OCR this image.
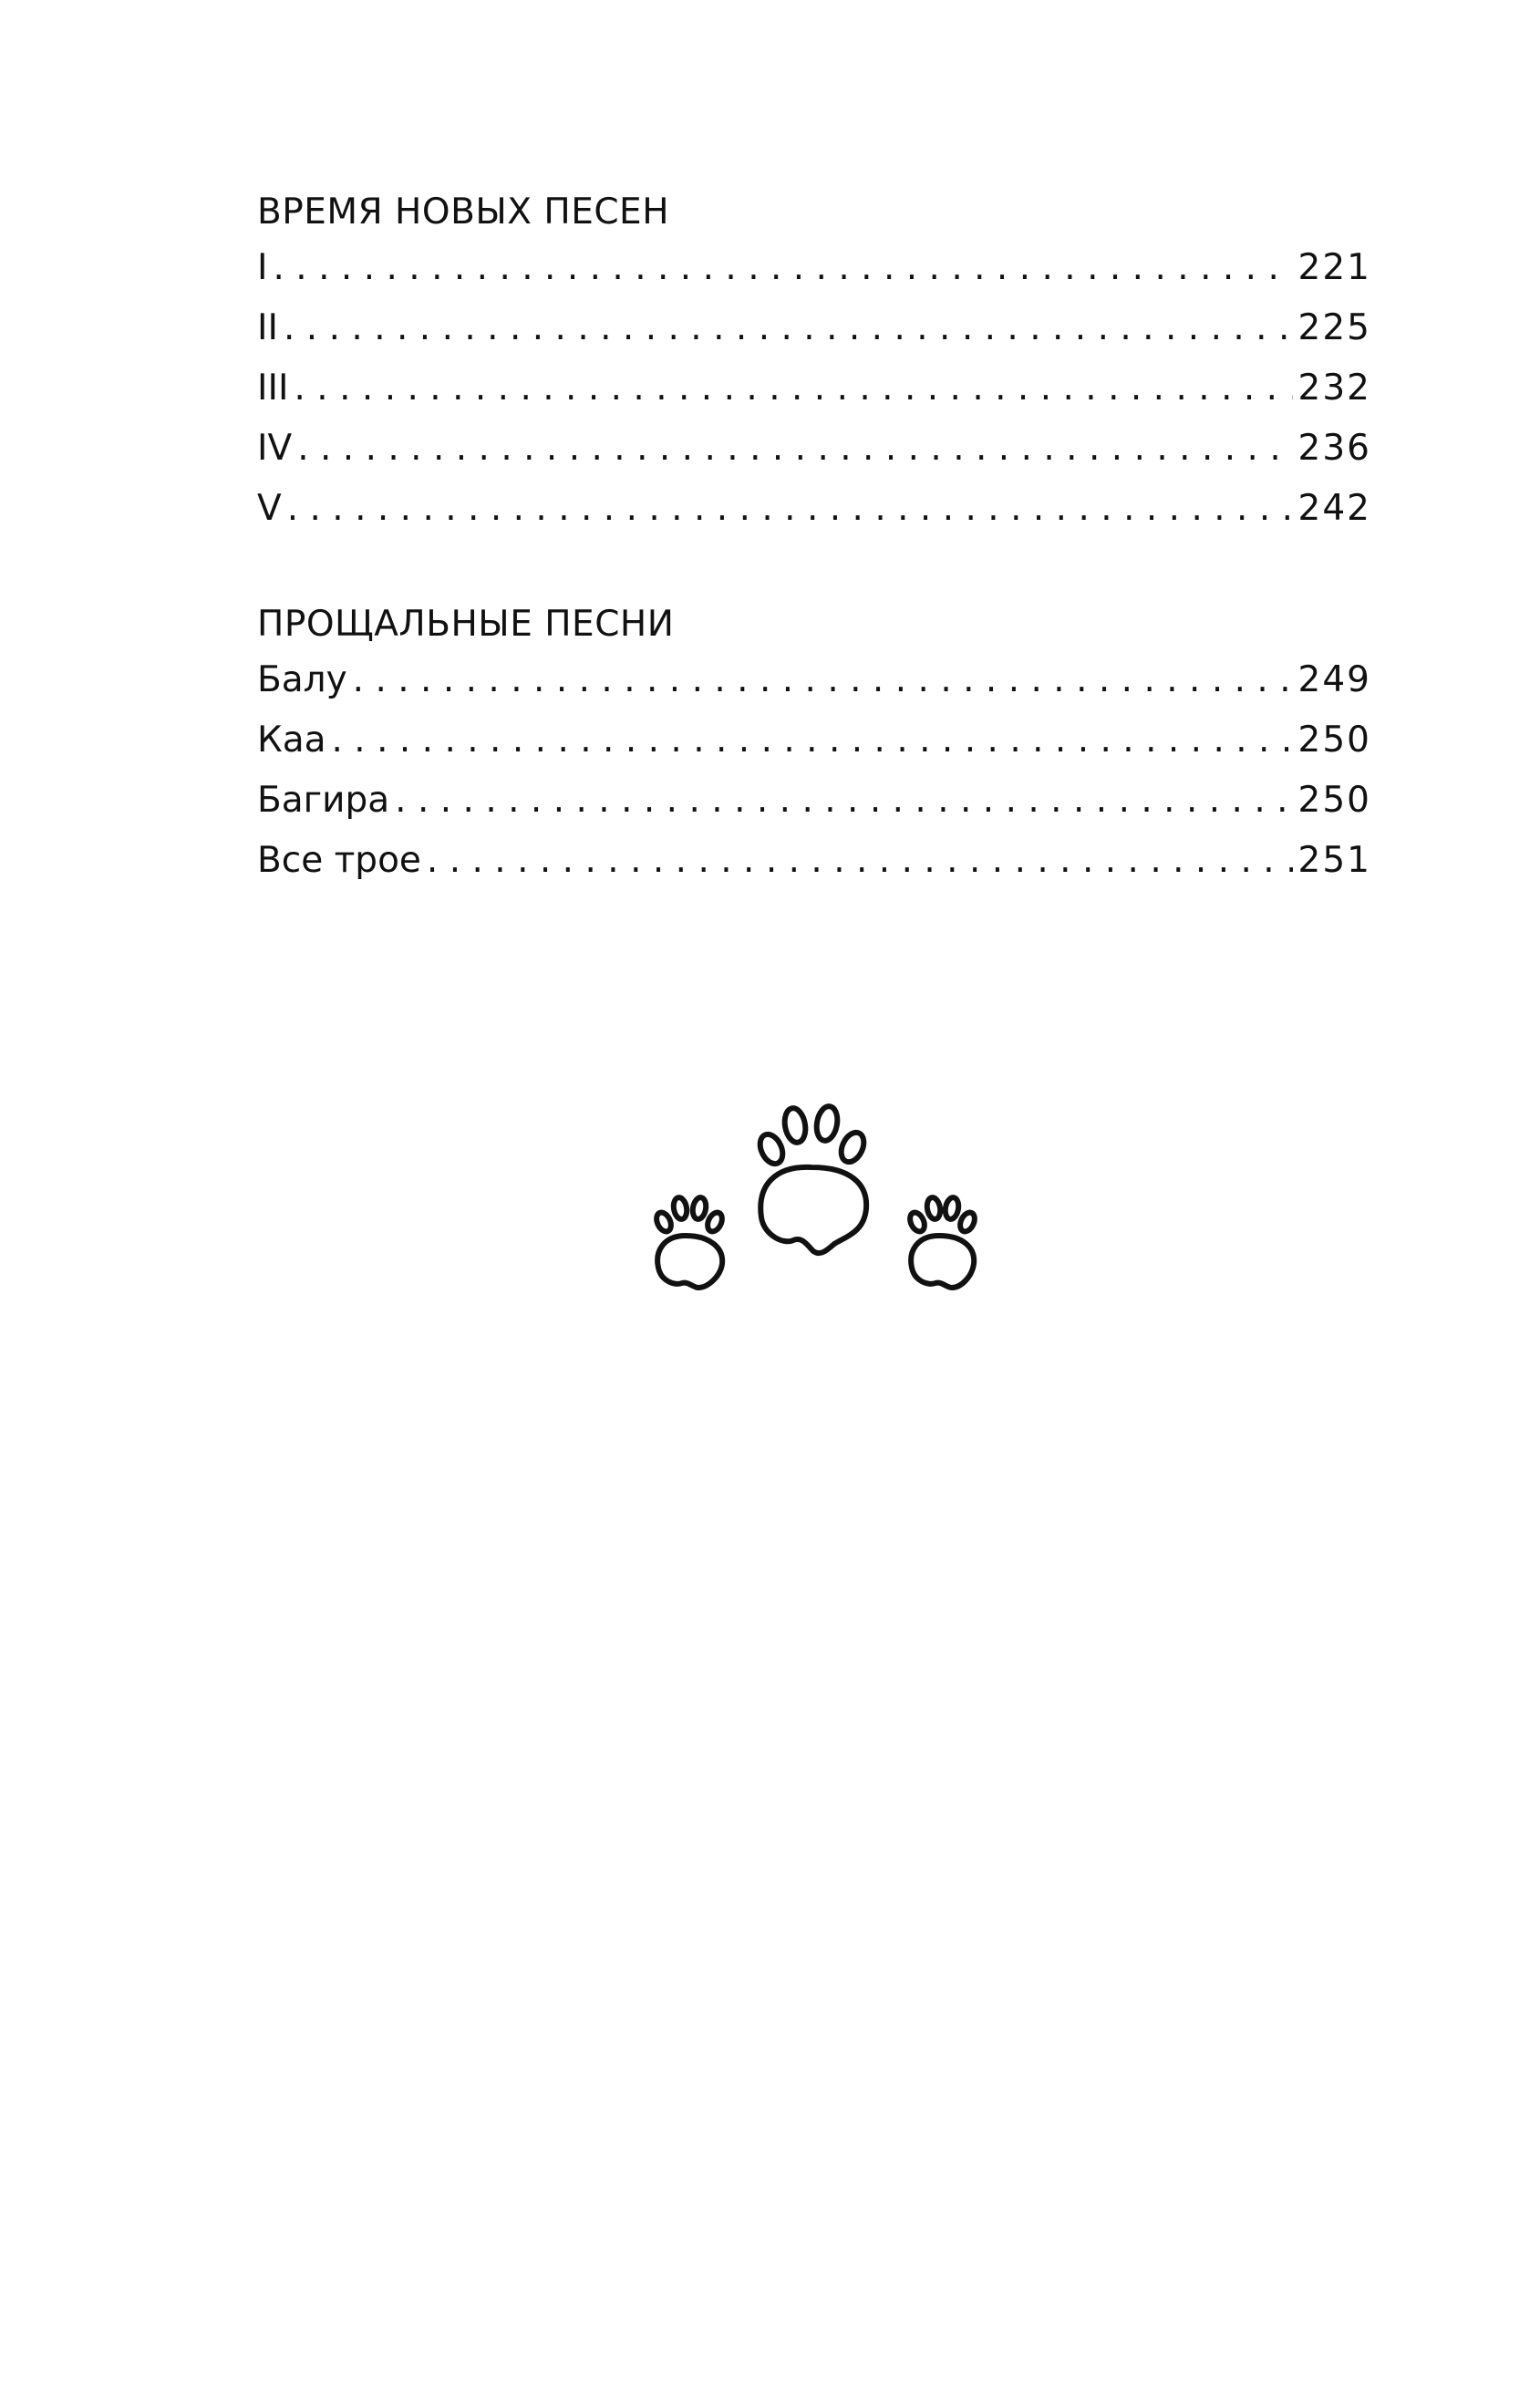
ВРЕМЯ НОВЫХ ПЕСЕН
I . . .	221
II . . .	225
III . . .	232
IV . . .	236
V . . .	242
ПРОЩАЛЬНЫЕ ПЕСНИ
Балу . . .	249
Каа . . .	250
Багира . . .	250
Все трое . . .	251
